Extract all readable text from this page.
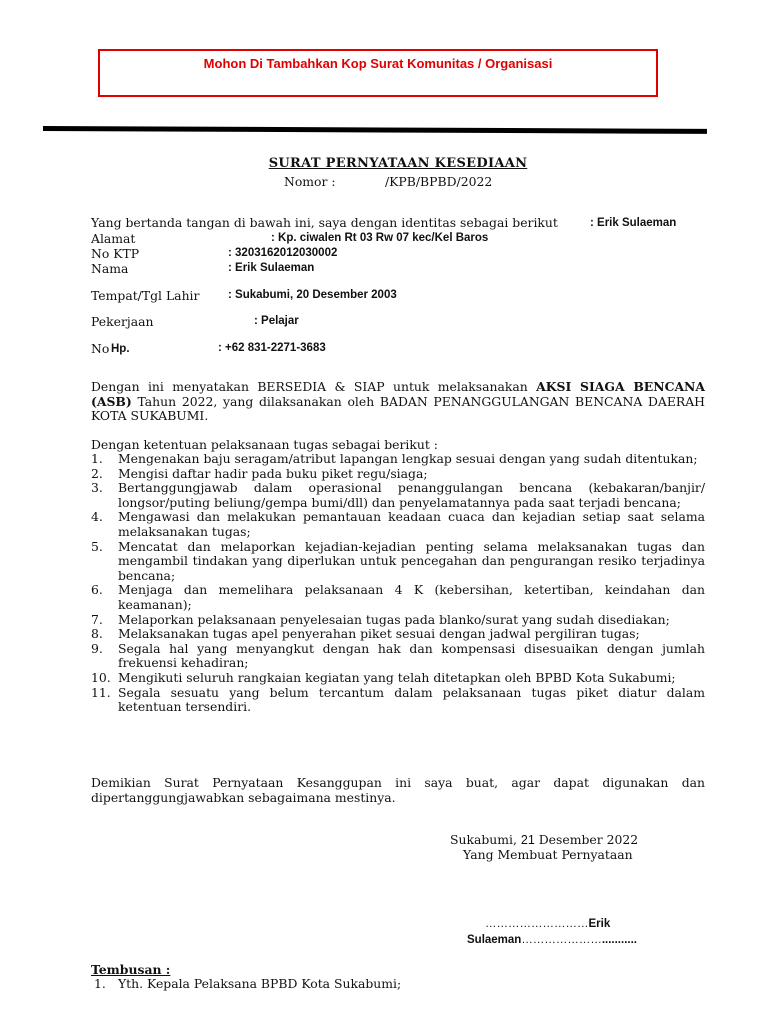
Mohon Di Tambahkan Kop Surat Komunitas / Organisasi
SURAT PERNYATAAN KESEDIAAN
Nomor :	/KPB/BPBD/2022
Yang bertanda tangan di bawah ini, saya dengan identitas sebagai berikut	: Erik Sulaeman
Alamat	: Kp. ciwalen Rt 03 Rw 07 kec/Kel Baros
No KTP	: 3203162012030002
Nama	: Erik Sulaeman
Tempat/Tgl Lahir : Sukabumi, 20 Desember 2003
Pekerjaan	: Pelajar
No Hp.	: +62 831-2271-3683
Dengan ini menyatakan BERSEDIA & SIAP untuk melaksanakan AKSI SIAGA BENCANA (ASB) Tahun 2022, yang dilaksanakan oleh BADAN PENANGGULANGAN BENCANA DAERAH KOTA SUKABUMI.
Dengan ketentuan pelaksanaan tugas sebagai berikut :
1. Mengenakan baju seragam/atribut lapangan lengkap sesuai dengan yang sudah ditentukan;
2. Mengisi daftar hadir pada buku piket regu/siaga;
3. Bertanggungjawab dalam operasional penanggulangan bencana (kebakaran/banjir/ longsor/puting beliung/gempa bumi/dll) dan penyelamatannya pada saat terjadi bencana;
4. Mengawasi dan melakukan pemantauan keadaan cuaca dan kejadian setiap saat selama melaksanakan tugas;
5. Mencatat dan melaporkan kejadian-kejadian penting selama melaksanakan tugas dan mengambil tindakan yang diperlukan untuk pencegahan dan pengurangan resiko terjadinya bencana;
6. Menjaga dan memelihara pelaksanaan 4 K (kebersihan, ketertiban, keindahan dan keamanan);
7. Melaporkan pelaksanaan penyelesaian tugas pada blanko/surat yang sudah disediakan;
8. Melaksanakan tugas apel penyerahan piket sesuai dengan jadwal pergiliran tugas;
9. Segala hal yang menyangkut dengan hak dan kompensasi disesuaikan dengan jumlah frekuensi kehadiran;
10. Mengikuti seluruh rangkaian kegiatan yang telah ditetapkan oleh BPBD Kota Sukabumi;
11. Segala sesuatu yang belum tercantum dalam pelaksanaan tugas piket diatur dalam ketentuan tersendiri.
Demikian Surat Pernyataan Kesanggupan ini saya buat, agar dapat digunakan dan dipertanggungjawabkan sebagaimana mestinya.
Sukabumi, 21 Desember 2022
Yang Membuat Pernyataan
………………………Erik
Sulaeman…………………...........
Tembusan :
1. Yth. Kepala Pelaksana BPBD Kota Sukabumi;
